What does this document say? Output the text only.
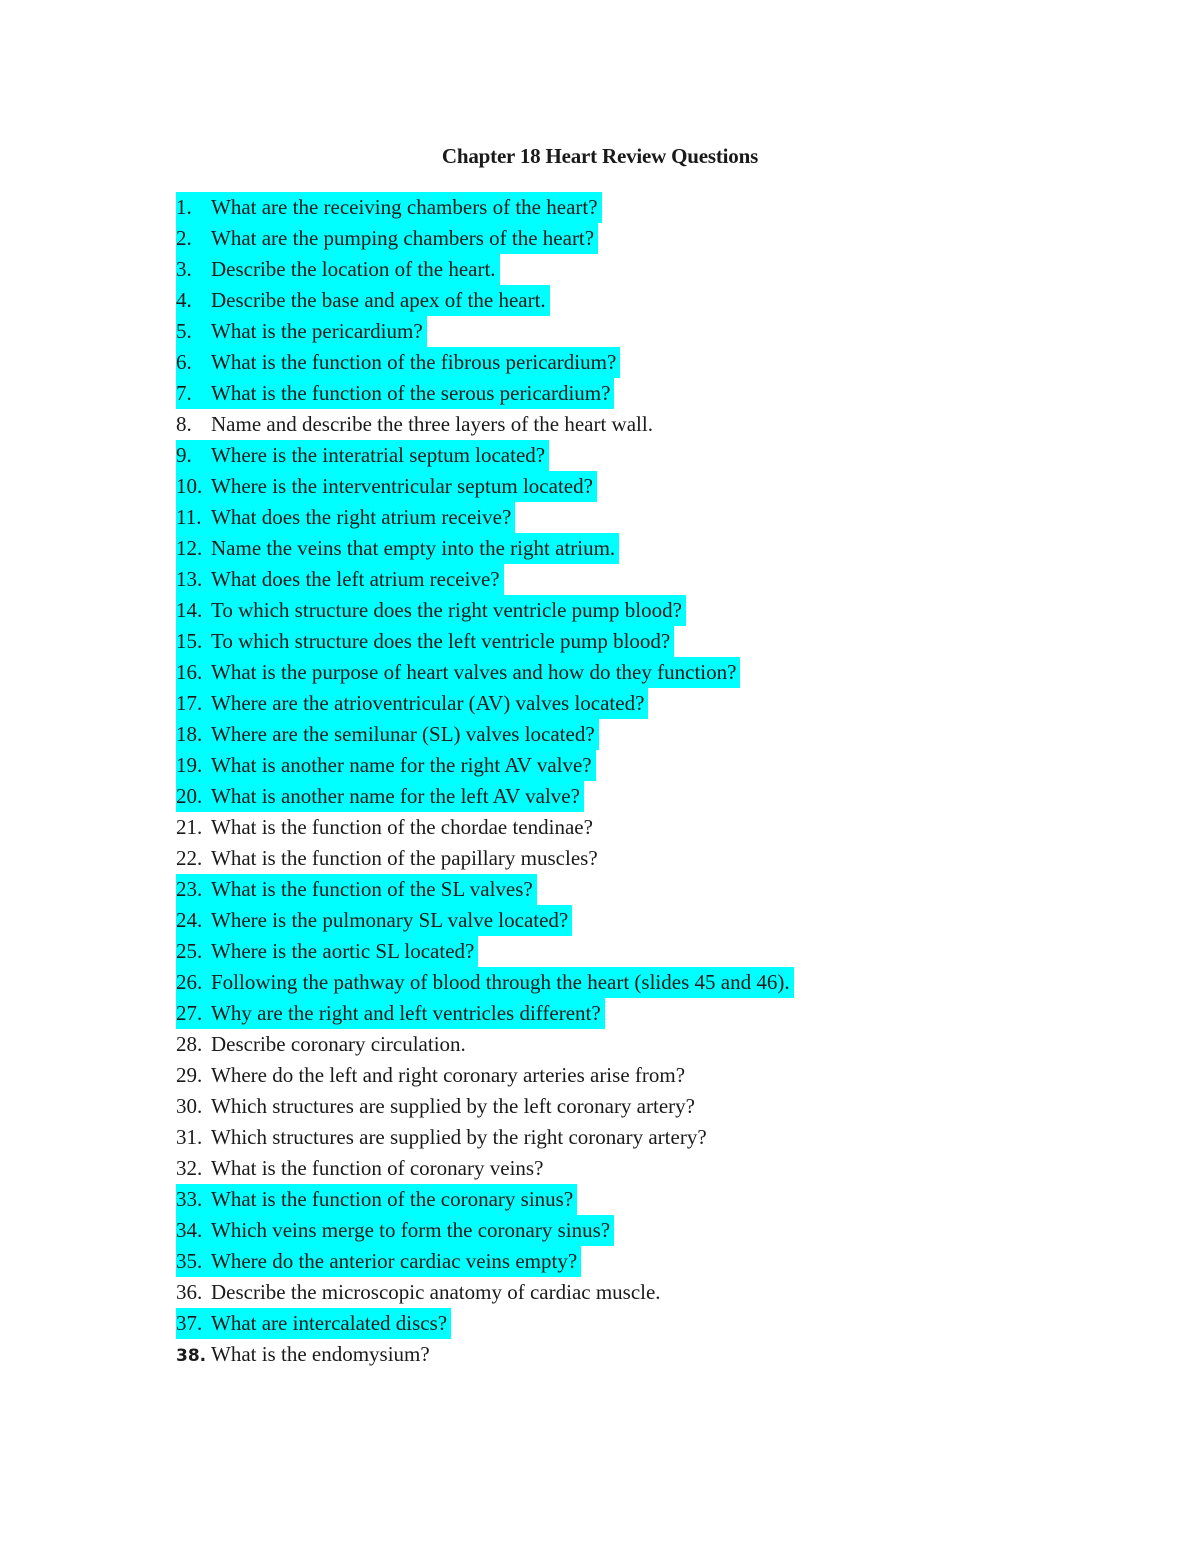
Chapter 18 Heart Review Questions
1. What are the receiving chambers of the heart?
2. What are the pumping chambers of the heart?
3. Describe the location of the heart.
4. Describe the base and apex of the heart.
5. What is the pericardium?
6. What is the function of the fibrous pericardium?
7. What is the function of the serous pericardium?
8. Name and describe the three layers of the heart wall.
9. Where is the interatrial septum located?
10. Where is the interventricular septum located?
11. What does the right atrium receive?
12. Name the veins that empty into the right atrium.
13. What does the left atrium receive?
14. To which structure does the right ventricle pump blood?
15. To which structure does the left ventricle pump blood?
16. What is the purpose of heart valves and how do they function?
17. Where are the atrioventricular (AV) valves located?
18. Where are the semilunar (SL) valves located?
19. What is another name for the right AV valve?
20. What is another name for the left AV valve?
21. What is the function of the chordae tendinae?
22. What is the function of the papillary muscles?
23. What is the function of the SL valves?
24. Where is the pulmonary SL valve located?
25. Where is the aortic SL located?
26. Following the pathway of blood through the heart (slides 45 and 46).
27. Why are the right and left ventricles different?
28. Describe coronary circulation.
29. Where do the left and right coronary arteries arise from?
30. Which structures are supplied by the left coronary artery?
31. Which structures are supplied by the right coronary artery?
32. What is the function of coronary veins?
33. What is the function of the coronary sinus?
34. Which veins merge to form the coronary sinus?
35. Where do the anterior cardiac veins empty?
36. Describe the microscopic anatomy of cardiac muscle.
37. What are intercalated discs?
38. What is the endomysium?
